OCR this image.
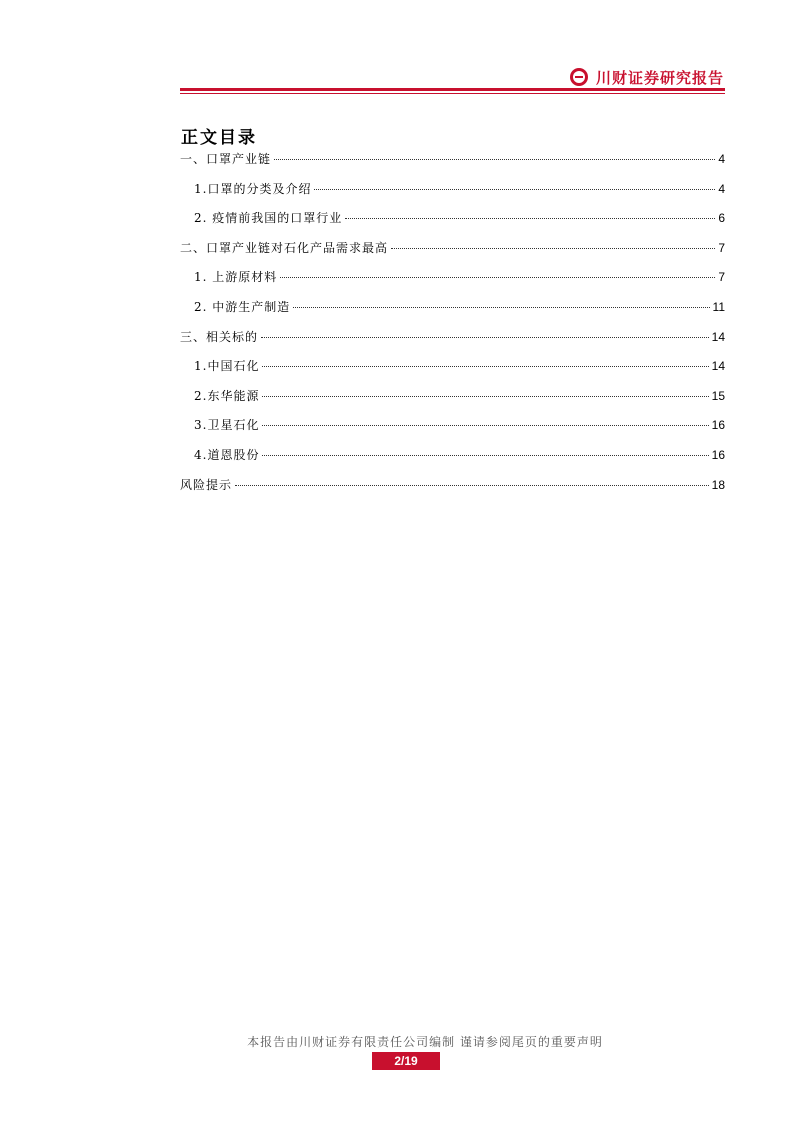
川财证券研究报告
正文目录
一、口罩产业链	4
1.口罩的分类及介绍	4
2. 疫情前我国的口罩行业	6
二、口罩产业链对石化产品需求最高	7
1. 上游原材料	7
2. 中游生产制造	11
三、相关标的	14
1.中国石化	14
2.东华能源	15
3.卫星石化	16
4.道恩股份	16
风险提示	18
本报告由川财证券有限责任公司编制 谨请参阅尾页的重要声明
2/19
